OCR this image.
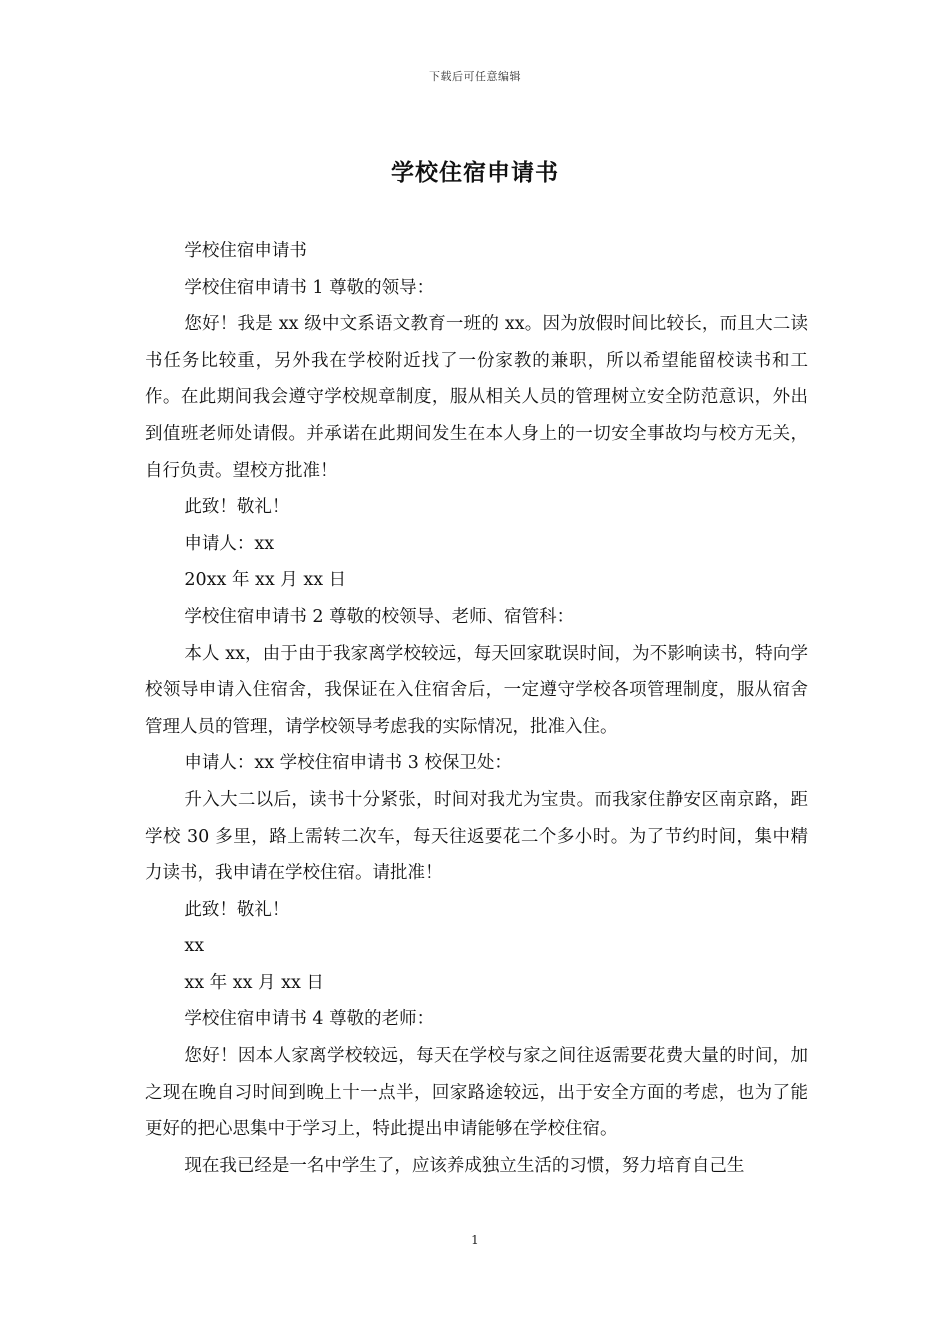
下载后可任意编辑
学校住宿申请书

学校住宿申请书

学校住宿申请书 1 尊敬的领导：

您好！我是 xx 级中文系语文教育一班的 xx。因为放假时间比较长，而且大二读书任务比较重，另外我在学校附近找了一份家教的兼职，所以希望能留校读书和工作。在此期间我会遵守学校规章制度，服从相关人员的管理树立安全防范意识，外出到值班老师处请假。并承诺在此期间发生在本人身上的一切安全事故均与校方无关，自行负责。望校方批准！

此致！敬礼！

申请人：xx

20xx 年 xx 月 xx 日

学校住宿申请书 2 尊敬的校领导、老师、宿管科：

本人 xx，由于由于我家离学校较远，每天回家耽误时间，为不影响读书，特向学校领导申请入住宿舍，我保证在入住宿舍后，一定遵守学校各项管理制度，服从宿舍管理人员的管理，请学校领导考虑我的实际情况，批准入住。

申请人：xx 学校住宿申请书 3 校保卫处：

升入大二以后，读书十分紧张，时间对我尤为宝贵。而我家住静安区南京路，距学校 30 多里，路上需转二次车，每天往返要花二个多小时。为了节约时间，集中精力读书，我申请在学校住宿。请批准！

此致！敬礼！

xx

xx 年 xx 月 xx 日

学校住宿申请书 4 尊敬的老师：

您好！因本人家离学校较远，每天在学校与家之间往返需要花费大量的时间，加之现在晚自习时间到晚上十一点半，回家路途较远，出于安全方面的考虑，也为了能更好的把心思集中于学习上，特此提出申请能够在学校住宿。

现在我已经是一名中学生了，应该养成独立生活的习惯，努力培育自己生

1
